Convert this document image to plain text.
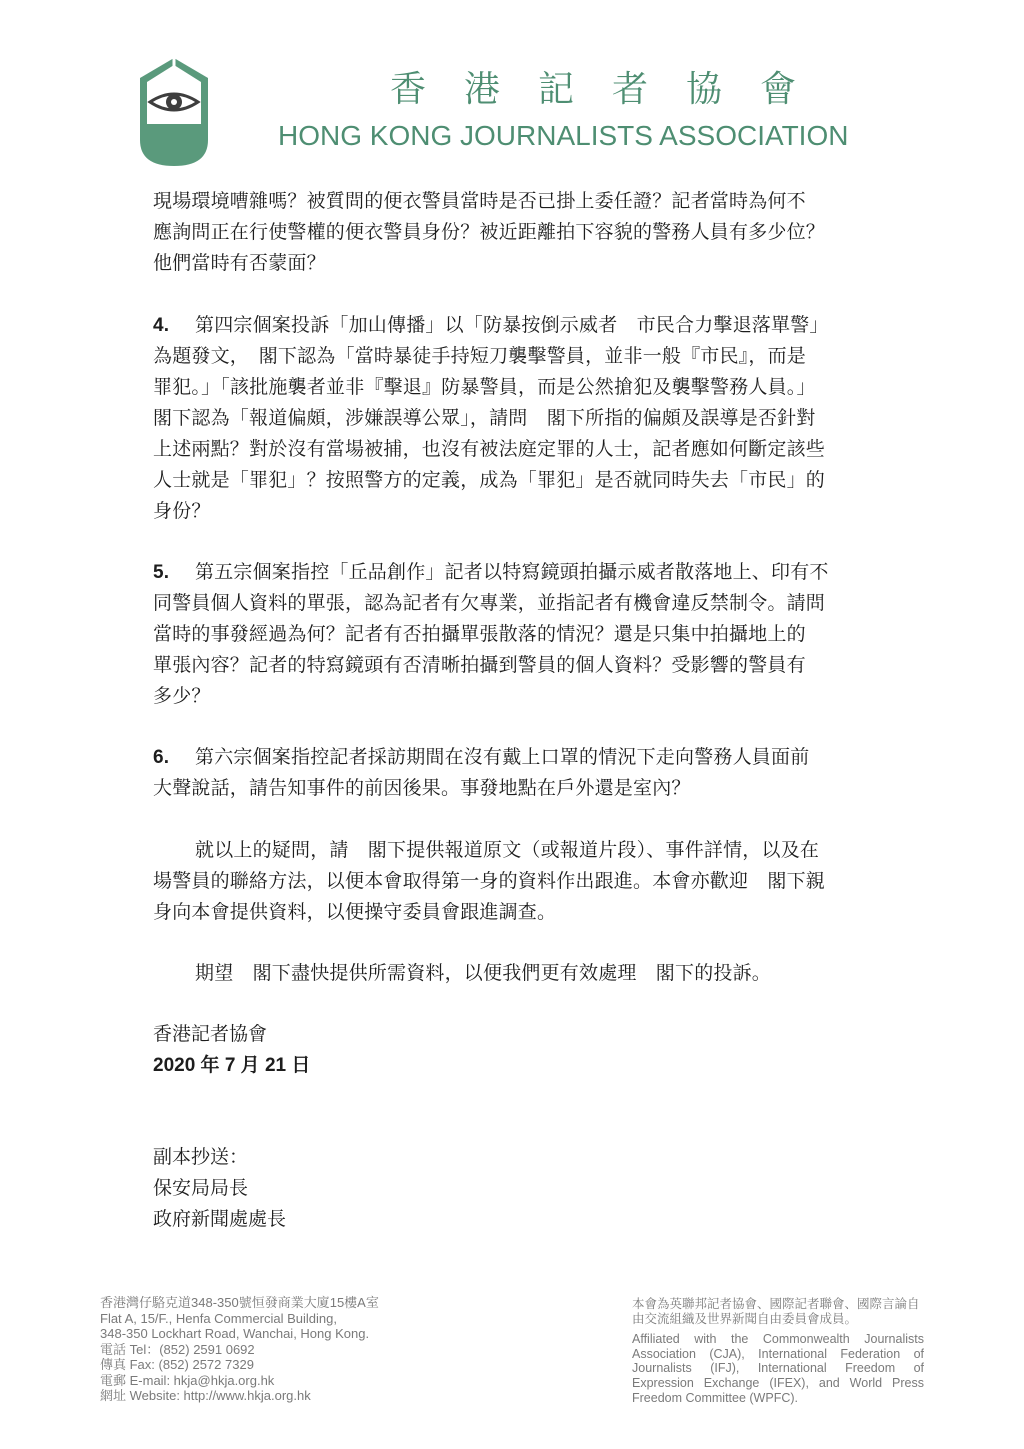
香港記者協會
HONG KONG JOURNALISTS ASSOCIATION
現場環境嘈雜嗎？被質問的便衣警員當時是否已掛上委任證？記者當時為何不
應詢問正在行使警權的便衣警員身份？被近距離拍下容貌的警務人員有多少位？
他們當時有否蒙面？
4. 第四宗個案投訴「加山傳播」以「防暴按倒示威者　市民合力擊退落單警」
為題發文，　閣下認為「當時暴徒手持短刀襲擊警員，並非一般『市民』，而是
罪犯。」「該批施襲者並非『擊退』防暴警員，而是公然搶犯及襲擊警務人員。」
閣下認為「報道偏頗，涉嫌誤導公眾」，請問　閣下所指的偏頗及誤導是否針對
上述兩點？對於沒有當場被捕，也沒有被法庭定罪的人士，記者應如何斷定該些
人士就是「罪犯」？按照警方的定義，成為「罪犯」是否就同時失去「市民」的
身份？
5. 第五宗個案指控「丘品創作」記者以特寫鏡頭拍攝示威者散落地上、印有不
同警員個人資料的單張，認為記者有欠專業，並指記者有機會違反禁制令。請問
當時的事發經過為何？記者有否拍攝單張散落的情況？還是只集中拍攝地上的
單張內容？記者的特寫鏡頭有否清晰拍攝到警員的個人資料？受影響的警員有
多少？
6. 第六宗個案指控記者採訪期間在沒有戴上口罩的情況下走向警務人員面前
大聲說話，請告知事件的前因後果。事發地點在戶外還是室內？
就以上的疑問，請　閣下提供報道原文（或報道片段）、事件詳情，以及在
場警員的聯絡方法，以便本會取得第一身的資料作出跟進。本會亦歡迎　閣下親
身向本會提供資料，以便操守委員會跟進調查。
期望　閣下盡快提供所需資料，以便我們更有效處理　閣下的投訴。
香港記者協會
2020 年 7 月 21 日
副本抄送：
保安局局長
政府新聞處處長
香港灣仔駱克道348-350號恒發商業大廈15樓A室
Flat A, 15/F., Henfa Commercial Building,
348-350 Lockhart Road, Wanchai, Hong Kong.
電話 Tel：(852) 2591 0692
傳真 Fax: (852) 2572 7329
電郵 E-mail: hkja@hkja.org.hk
網址 Website: http://www.hkja.org.hk
本會為英聯邦記者協會、國際記者聯會、國際言論自由交流組織及世界新聞自由委員會成員。
Affiliated with the Commonwealth Journalists Association (CJA), International Federation of Journalists (IFJ), International Freedom of Expression Exchange (IFEX), and World Press Freedom Committee (WPFC).
